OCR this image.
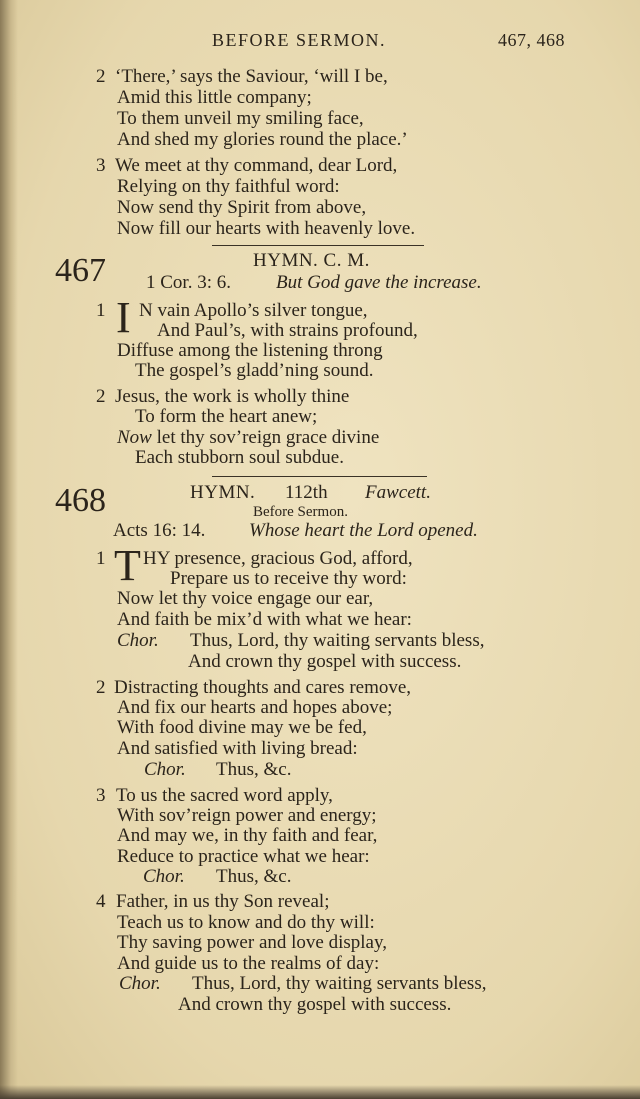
BEFORE SERMON.	467, 468
2 ‘There,’ says the Saviour, ‘will I be,
Amid this little company;
To them unveil my smiling face,
And shed my glories round the place.’
3 We meet at thy command, dear Lord,
Relying on thy faithful word:
Now send thy Spirit from above,
Now fill our hearts with heavenly love.
467	HYMN. C. M.
1 Cor. 3: 6. But God gave the increase.
1 I N vain Apollo’s silver tongue,
And Paul’s, with strains profound,
Diffuse among the listening throng
The gospel’s gladd’ning sound.
2 Jesus, the work is wholly thine
To form the heart anew;
Now let thy sov’reign grace divine
Each stubborn soul subdue.
468	HYMN. 112th Fawcett.
Before Sermon.
Acts 16: 14. Whose heart the Lord opened.
1 T HY presence, gracious God, afford,
Prepare us to receive thy word:
Now let thy voice engage our ear,
And faith be mix’d with what we hear:
Chor. Thus, Lord, thy waiting servants bless,
And crown thy gospel with success.
2 Distracting thoughts and cares remove,
And fix our hearts and hopes above;
With food divine may we be fed,
And satisfied with living bread:
Chor. Thus, &c.
3 To us the sacred word apply,
With sov’reign power and energy;
And may we, in thy faith and fear,
Reduce to practice what we hear:
Chor. Thus, &c.
4 Father, in us thy Son reveal;
Teach us to know and do thy will:
Thy saving power and love display,
And guide us to the realms of day:
Chor. Thus, Lord, thy waiting servants bless,
And crown thy gospel with success.
